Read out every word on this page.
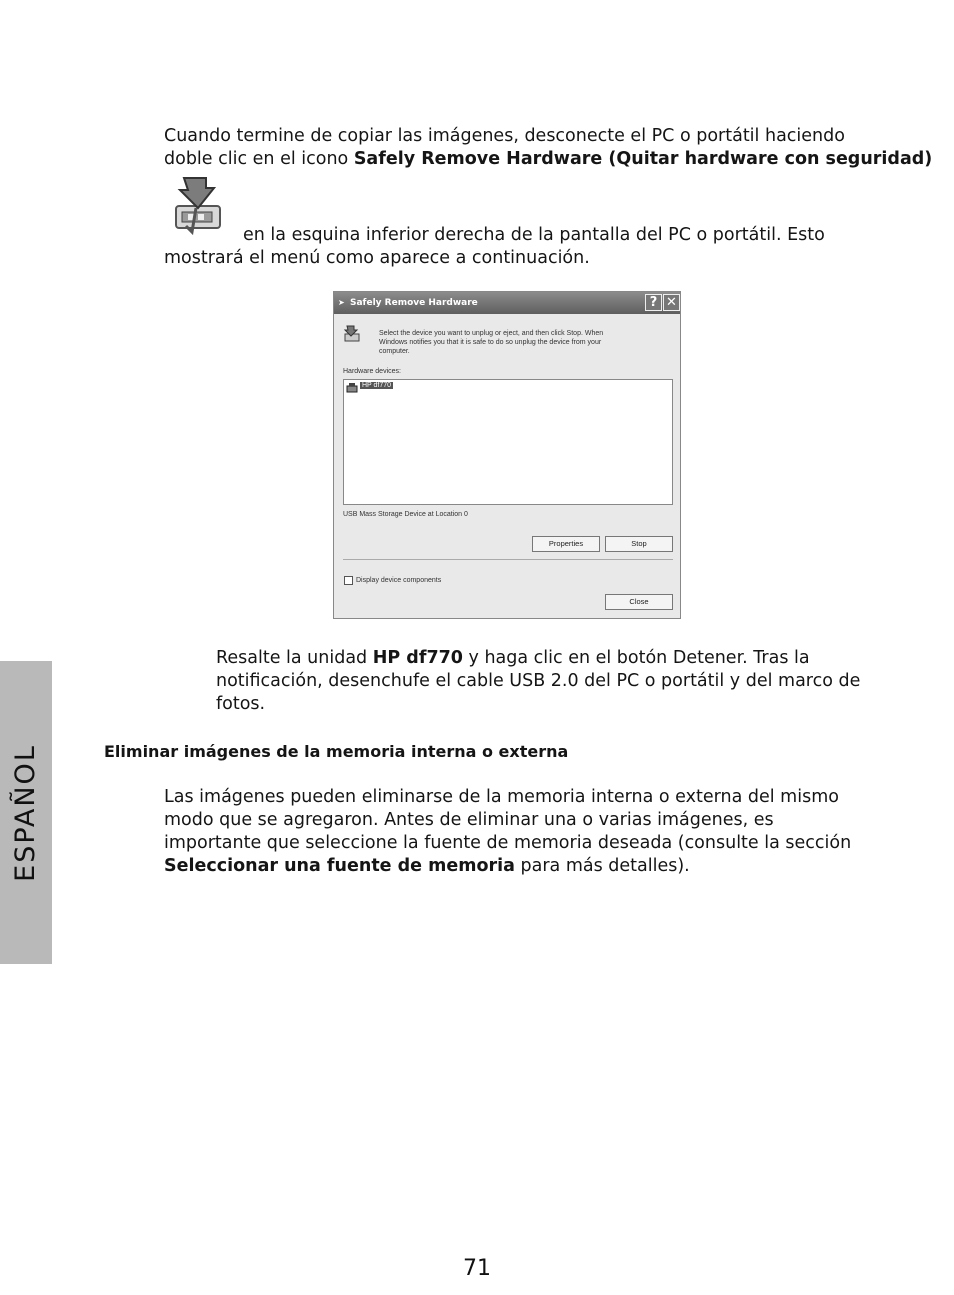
Cuando termine de copiar las imágenes, desconecte el PC o portátil haciendo
doble clic en el icono Safely Remove Hardware (Quitar hardware con seguridad)
en la esquina inferior derecha de la pantalla del PC o portátil. Esto
mostrará el menú como aparece a continuación.
➤ Safely Remove Hardware	? ✕
Select the device you want to unplug or eject, and then click Stop. When
Windows notifies you that it is safe to do so unplug the device from your
computer.
Hardware devices:
HP df770
USB Mass Storage Device at Location 0
Properties	Stop
Display device components
Close
Resalte la unidad HP df770 y haga clic en el botón Detener. Tras la
notificación, desenchufe el cable USB 2.0 del PC o portátil y del marco de
fotos.
Eliminar imágenes de la memoria interna o externa
Las imágenes pueden eliminarse de la memoria interna o externa del mismo
modo que se agregaron. Antes de eliminar una o varias imágenes, es
importante que seleccione la fuente de memoria deseada (consulte la sección
Seleccionar una fuente de memoria para más detalles).
ESPAÑOL
71
